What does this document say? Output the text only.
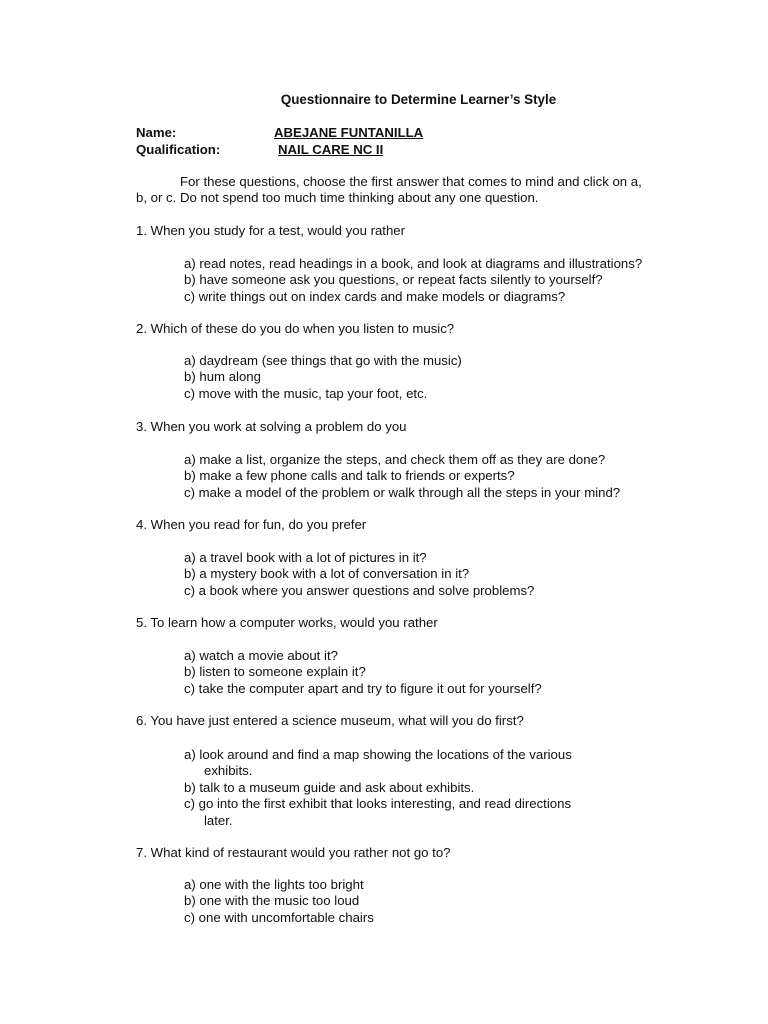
Questionnaire to Determine Learner’s Style
Name:	ABEJANE FUNTANILLA
Qualification:	NAIL CARE NC II
For these questions, choose the first answer that comes to mind and click on a,
b, or c. Do not spend too much time thinking about any one question.
1. When you study for a test, would you rather
a) read notes, read headings in a book, and look at diagrams and illustrations?
b) have someone ask you questions, or repeat facts silently to yourself?
c) write things out on index cards and make models or diagrams?
2. Which of these do you do when you listen to music?
a) daydream (see things that go with the music)
b) hum along
c) move with the music, tap your foot, etc.
3. When you work at solving a problem do you
a) make a list, organize the steps, and check them off as they are done?
b) make a few phone calls and talk to friends or experts?
c) make a model of the problem or walk through all the steps in your mind?
4. When you read for fun, do you prefer
a) a travel book with a lot of pictures in it?
b) a mystery book with a lot of conversation in it?
c) a book where you answer questions and solve problems?
5. To learn how a computer works, would you rather
a) watch a movie about it?
b) listen to someone explain it?
c) take the computer apart and try to figure it out for yourself?
6. You have just entered a science museum, what will you do first?
a) look around and find a map showing the locations of the various
exhibits.
b) talk to a museum guide and ask about exhibits.
c) go into the first exhibit that looks interesting, and read directions
later.
7. What kind of restaurant would you rather not go to?
a) one with the lights too bright
b) one with the music too loud
c) one with uncomfortable chairs
